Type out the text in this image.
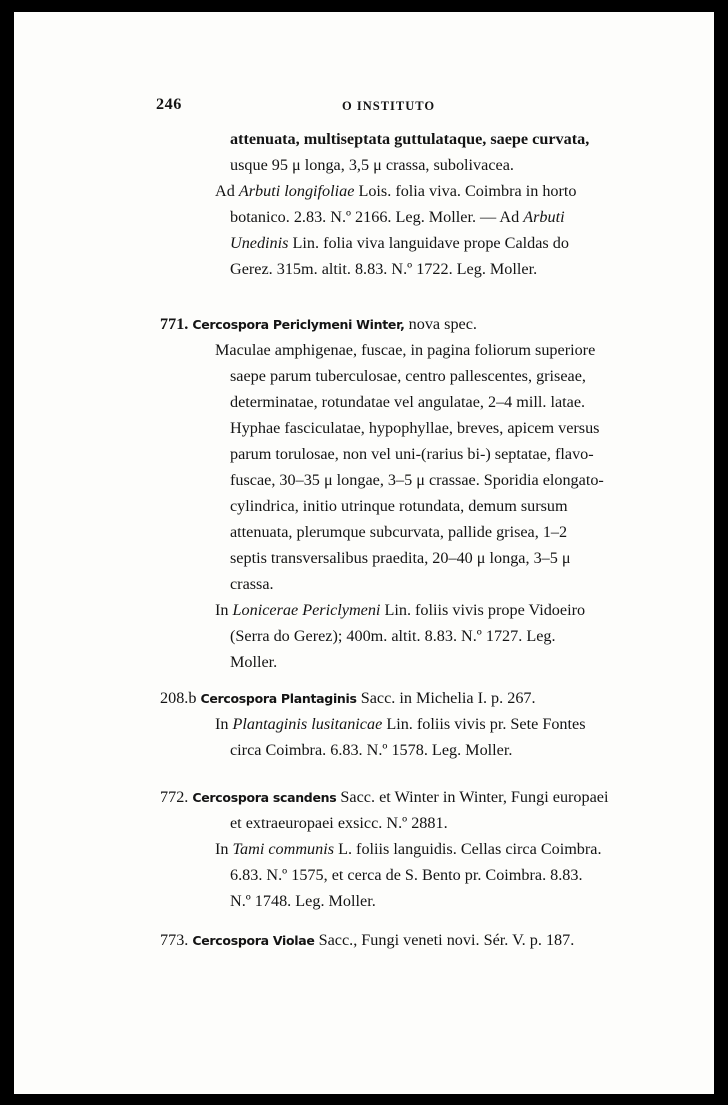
246	O INSTITUTO
attenuata, multiseptata guttulataque, saepe curvata,
usque 95 μ longa, 3,5 μ crassa, subolivacea.
Ad Arbuti longifoliae Lois. folia viva. Coimbra in horto
botanico. 2.83. N.º 2166. Leg. Moller. — Ad Arbuti
Unedinis Lin. folia viva languidave prope Caldas do
Gerez. 315m. altit. 8.83. N.º 1722. Leg. Moller.
771. Cercospora Periclymeni Winter, nova spec.
Maculae amphigenae, fuscae, in pagina foliorum superiore
saepe parum tuberculosae, centro pallescentes, griseae,
determinatae, rotundatae vel angulatae, 2–4 mill. latae.
Hyphae fasciculatae, hypophyllae, breves, apicem versus
parum torulosae, non vel uni-(rarius bi-) septatae, flavo-
fuscae, 30–35 μ longae, 3–5 μ crassae. Sporidia elongato-
cylindrica, initio utrinque rotundata, demum sursum
attenuata, plerumque subcurvata, pallide grisea, 1–2
septis transversalibus praedita, 20–40 μ longa, 3–5 μ
crassa.
In Lonicerae Periclymeni Lin. foliis vivis prope Vidoeiro
(Serra do Gerez); 400m. altit. 8.83. N.º 1727. Leg.
Moller.
208.b Cercospora Plantaginis Sacc. in Michelia I. p. 267.
In Plantaginis lusitanicae Lin. foliis vivis pr. Sete Fontes
circa Coimbra. 6.83. N.º 1578. Leg. Moller.
772. Cercospora scandens Sacc. et Winter in Winter, Fungi europaei
et extraeuropaei exsicc. N.º 2881.
In Tami communis L. foliis languidis. Cellas circa Coimbra.
6.83. N.º 1575, et cerca de S. Bento pr. Coimbra. 8.83.
N.º 1748. Leg. Moller.
773. Cercospora Violae Sacc., Fungi veneti novi. Sér. V. p. 187.
